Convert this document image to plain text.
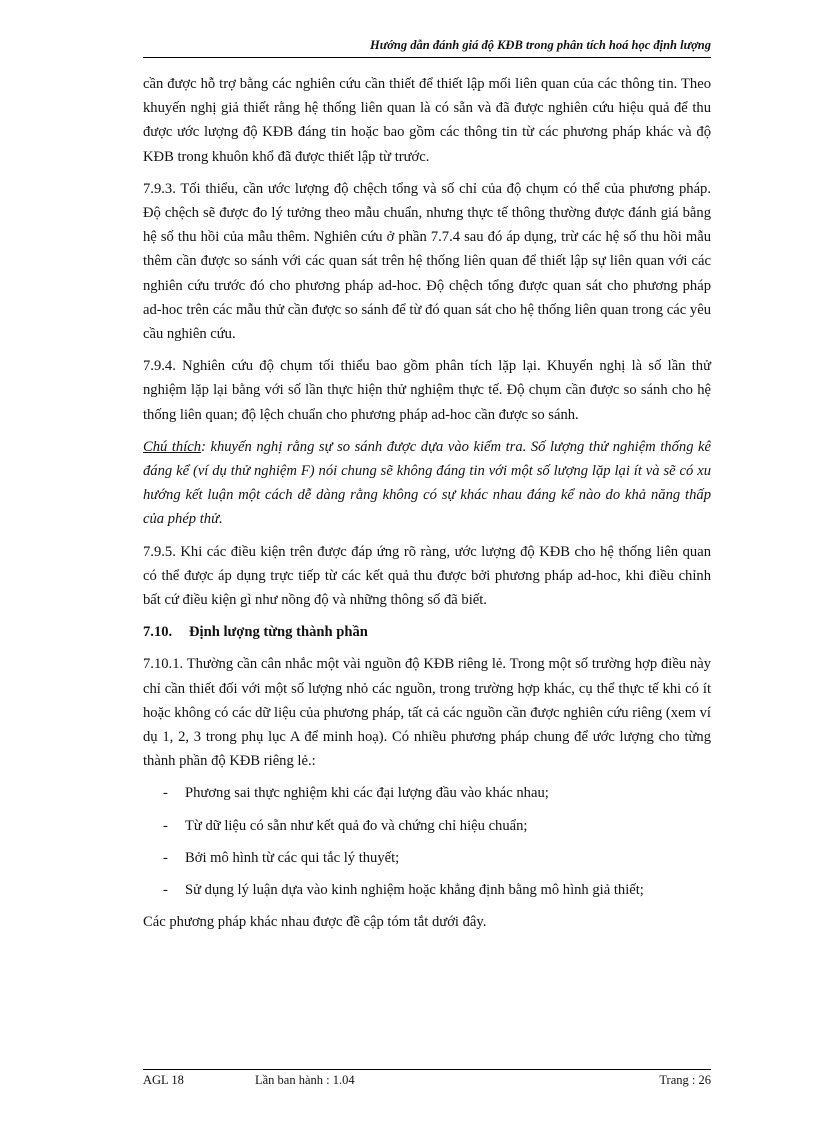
Hướng dẫn đánh giá độ KĐB trong phân tích hoá học định lượng

cần được hỗ trợ bằng các nghiên cứu cần thiết để thiết lập mối liên quan của các thông tin. Theo khuyến nghị giả thiết rằng hệ thống liên quan là có sẵn và đã được nghiên cứu hiệu quả để thu được ước lượng độ KĐB đáng tin hoặc bao gồm các thông tin từ các phương pháp khác và độ KĐB trong khuôn khổ đã được thiết lập từ trước.

7.9.3. Tối thiểu, cần ước lượng độ chệch tổng và số chỉ của độ chụm có thể của phương pháp. Độ chệch sẽ được đo lý tưởng theo mẫu chuẩn, nhưng thực tế thông thường được đánh giá bằng hệ số thu hồi của mẫu thêm. Nghiên cứu ở phần 7.7.4 sau đó áp dụng, trừ các hệ số thu hồi mẫu thêm cần được so sánh với các quan sát trên hệ thống liên quan để thiết lập sự liên quan với các nghiên cứu trước đó cho phương pháp ad-hoc. Độ chệch tổng được quan sát cho phương pháp ad-hoc trên các mẫu thử cần được so sánh để từ đó quan sát cho hệ thống liên quan trong các yêu cầu nghiên cứu.

7.9.4. Nghiên cứu độ chụm tối thiểu bao gồm phân tích lặp lại. Khuyến nghị là số lần thử nghiệm lặp lại bằng với số lần thực hiện thử nghiệm thực tế. Độ chụm cần được so sánh cho hệ thống liên quan; độ lệch chuẩn cho phương pháp ad-hoc cần được so sánh.

Chú thích: khuyến nghị rằng sự so sánh được dựa vào kiểm tra. Số lượng thử nghiệm thống kê đáng kể (ví dụ thử nghiệm F) nói chung sẽ không đáng tin với một số lượng lặp lại ít và sẽ có xu hướng kết luận một cách dễ dàng rằng không có sự khác nhau đáng kể nào do khả năng thấp của phép thử.

7.9.5. Khi các điều kiện trên được đáp ứng rõ ràng, ước lượng độ KĐB cho hệ thống liên quan có thể được áp dụng trực tiếp từ các kết quả thu được bởi phương pháp ad-hoc, khi điều chỉnh bất cứ điều kiện gì như nồng độ và những thông số đã biết.

7.10. Định lượng từng thành phần

7.10.1. Thường cần cân nhắc một vài nguồn độ KĐB riêng lẻ. Trong một số trường hợp điều này chỉ cần thiết đối với một số lượng nhỏ các nguồn, trong trường hợp khác, cụ thể thực tế khi có ít hoặc không có các dữ liệu của phương pháp, tất cả các nguồn cần được nghiên cứu riêng (xem ví dụ 1, 2, 3 trong phụ lục A để minh hoạ). Có nhiều phương pháp chung để ước lượng cho từng thành phần độ KĐB riêng lẻ.:

-	Phương sai thực nghiệm khi các đại lượng đầu vào khác nhau;
-	Từ dữ liệu có sẵn như kết quả đo và chứng chỉ hiệu chuẩn;
-	Bởi mô hình từ các qui tắc lý thuyết;
-	Sử dụng lý luận dựa vào kinh nghiệm hoặc khẳng định bằng mô hình giả thiết;

Các phương pháp khác nhau được đề cập tóm tắt dưới đây.

AGL 18	Lần ban hành : 1.04	Trang : 26
